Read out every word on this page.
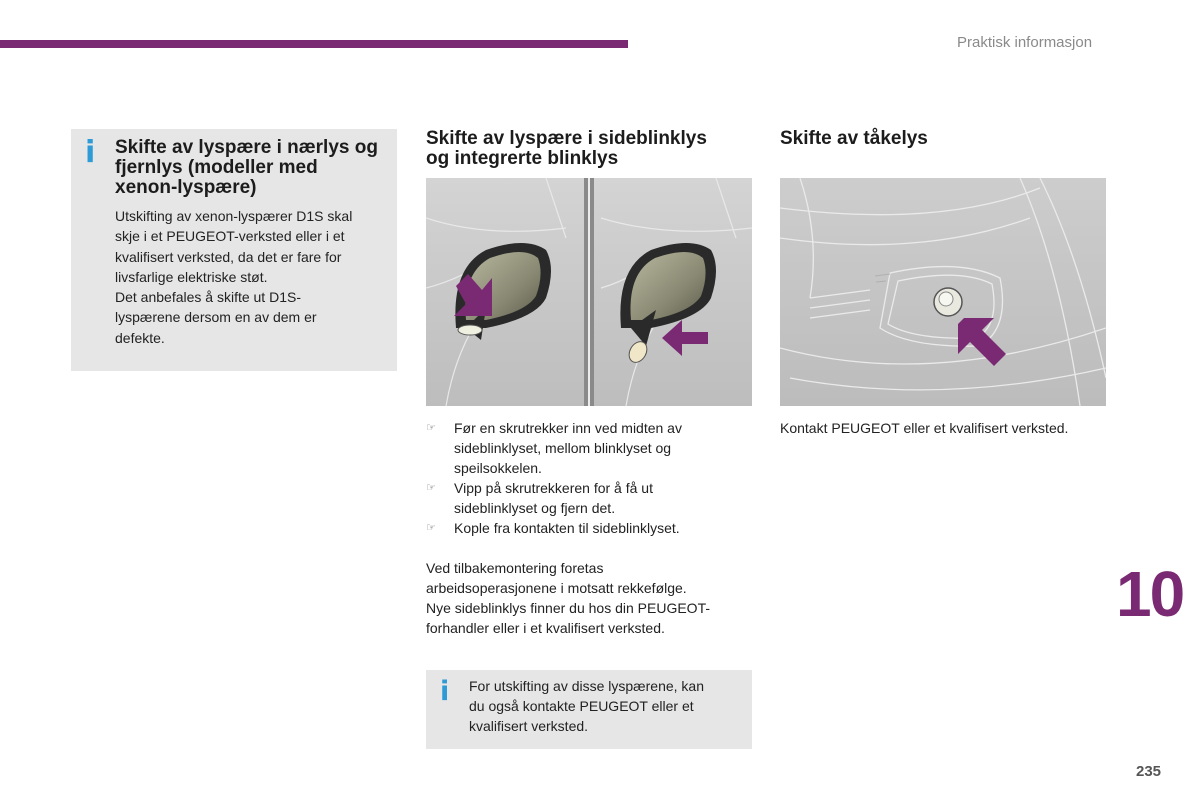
Praktisk informasjon
i Skifte av lyspære i nærlys og fjernlys (modeller med xenon-lyspære)

Utskifting av xenon-lyspærer D1S skal
skje i et PEUGEOT-verksted eller i et
kvalifisert verksted, da det er fare for
livsfarlige elektriske støt.
Det anbefales å skifte ut D1S-
lyspærene dersom en av dem er
defekte.

Skifte av lyspære i sideblinklys
og integrerte blinklys
Skifte av tåkelys
☞ Før en skrutrekker inn ved midten av
sideblinklyset, mellom blinklyset og
speilsokkelen.
☞ Vipp på skrutrekkeren for å få ut
sideblinklyset og fjern det.
☞ Kople fra kontakten til sideblinklyset.

Ved tilbakemontering foretas
arbeidsoperasjonene i motsatt rekkefølge.
Nye sideblinklys finner du hos din PEUGEOT-
forhandler eller i et kvalifisert verksted.

Kontakt PEUGEOT eller et kvalifisert verksted.

i For utskifting av disse lyspærene, kan
du også kontakte PEUGEOT eller et
kvalifisert verksted.

10
235
